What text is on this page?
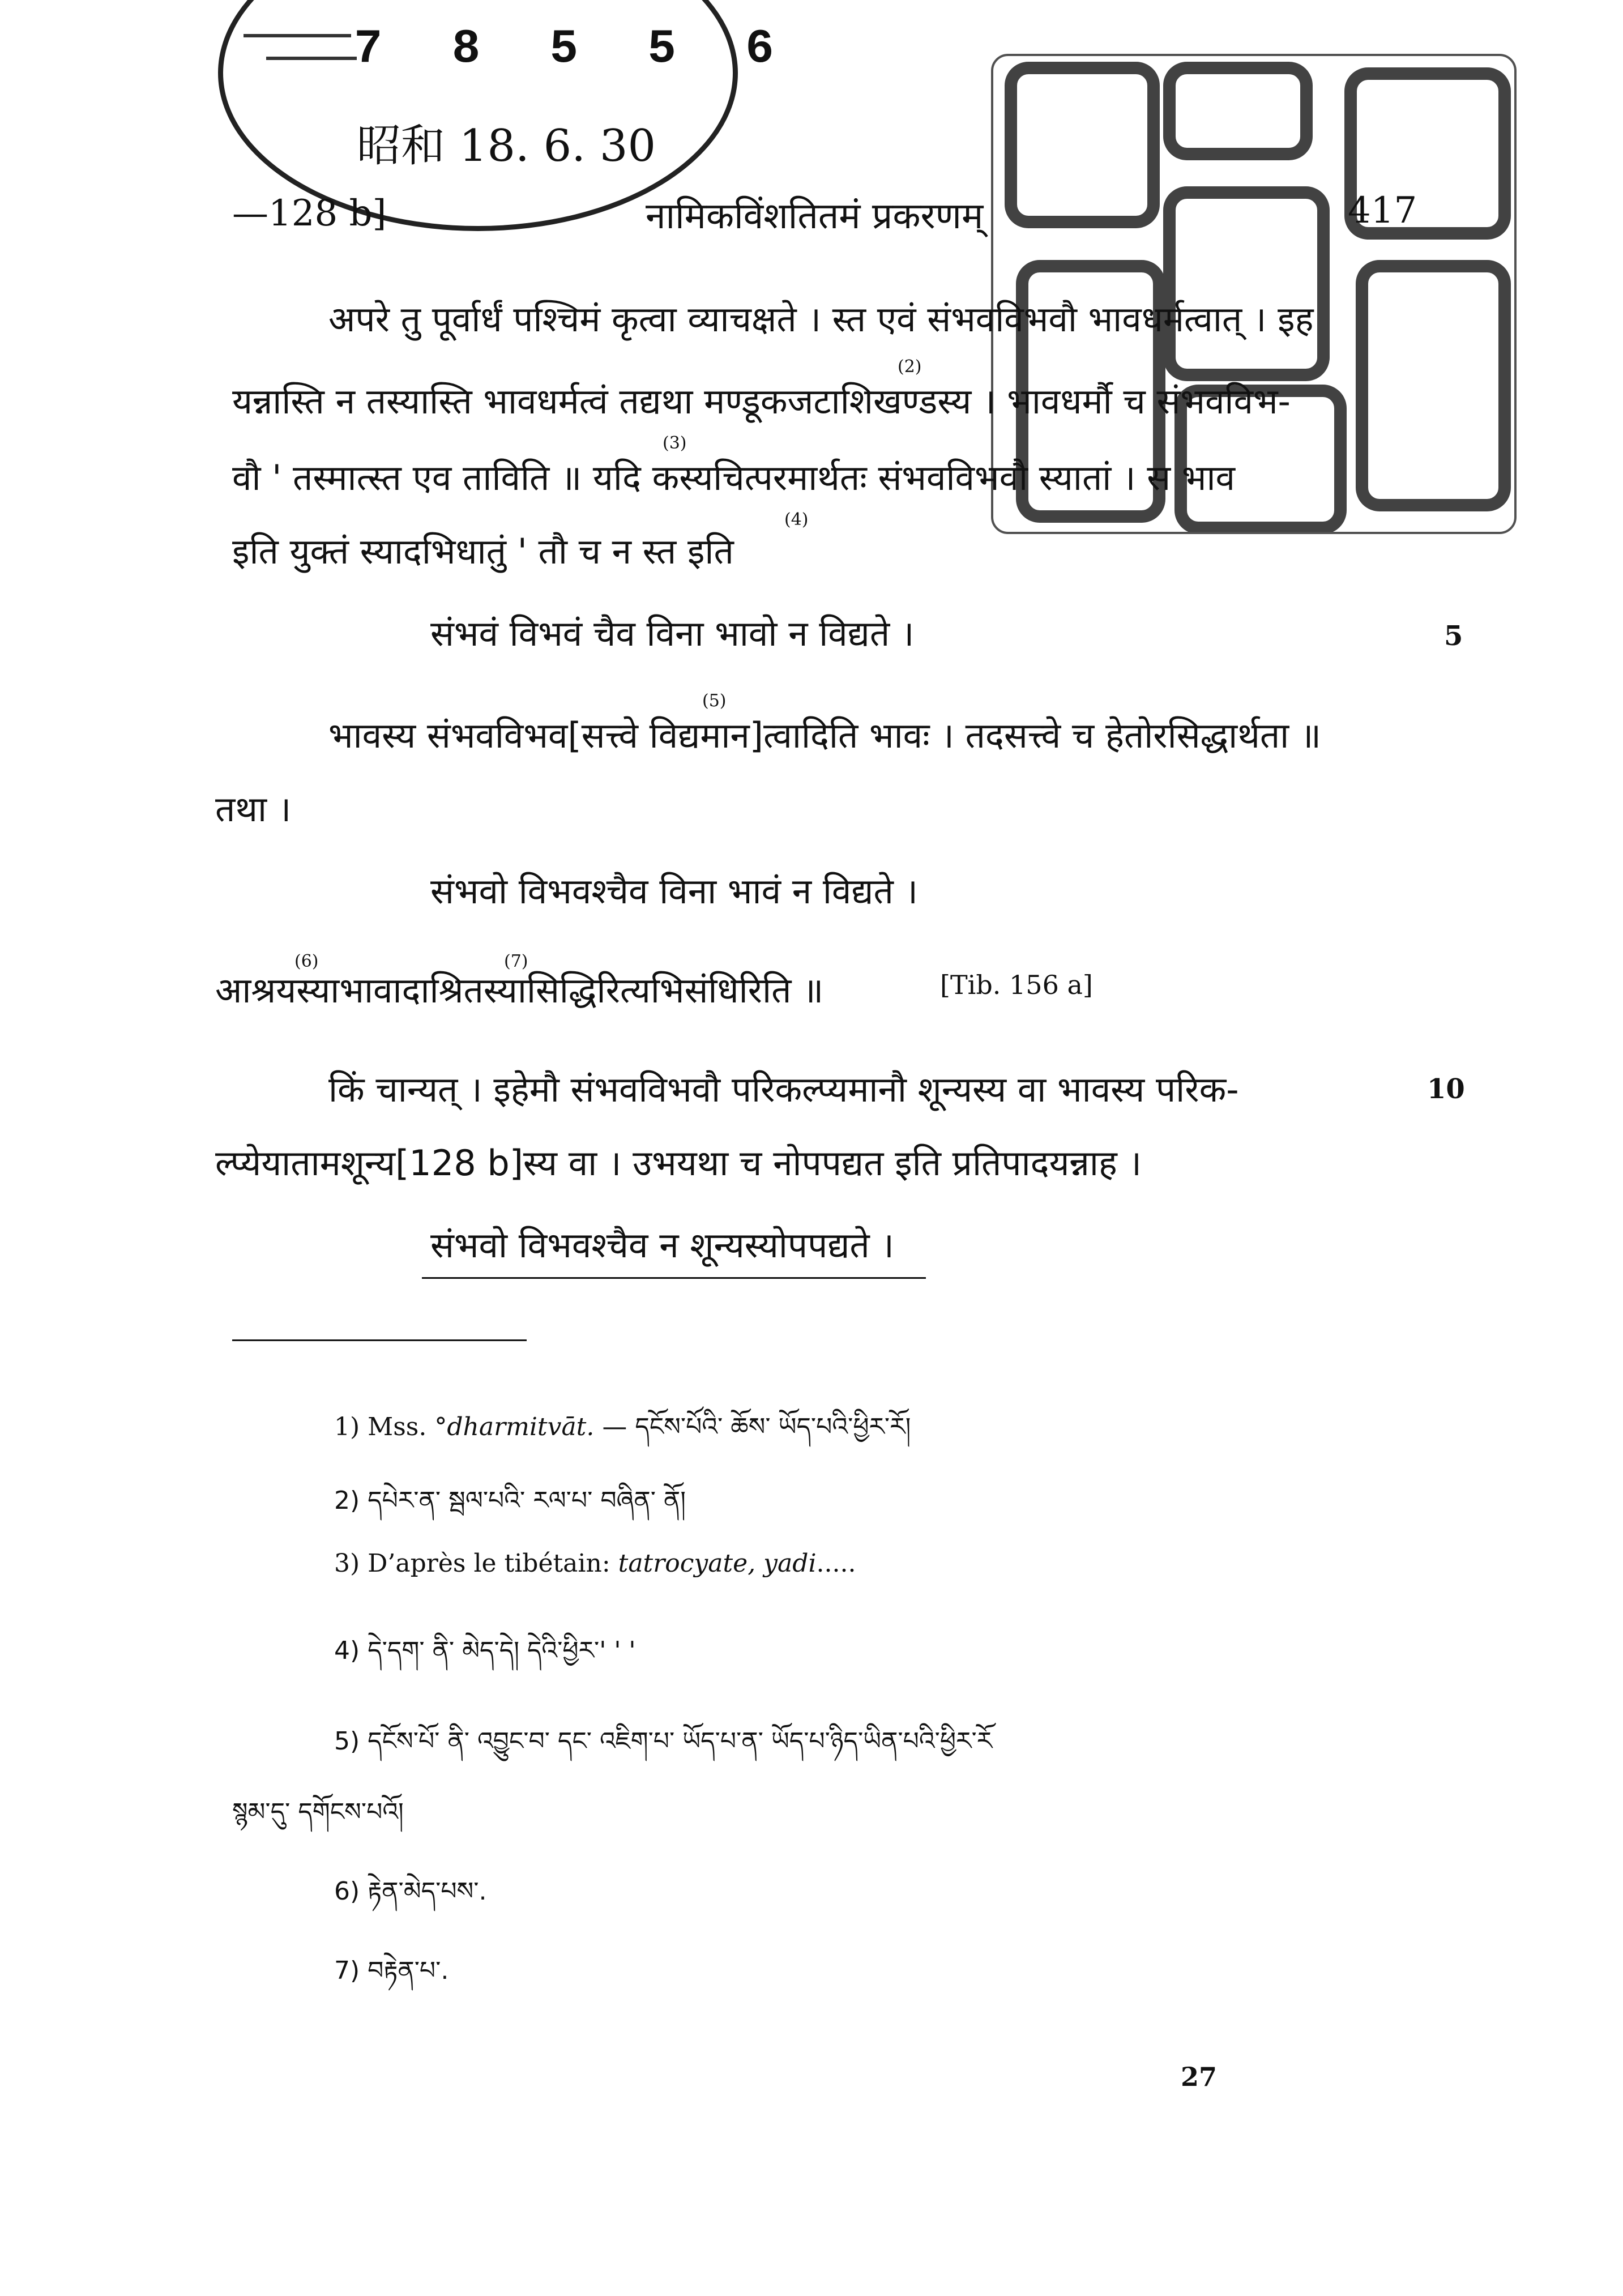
7 8 5 5 6
昭和 18. 6. 30
—128 b]	नामिकविंशतितमं प्रकरणम्	417
अपरे तु पूर्वार्धं पश्चिमं कृत्वा व्याचक्षते । स्त एवं संभवविभवौ भावधर्मत्वात् । इह
यन्नास्ति न तस्यास्ति भावधर्मत्वं तद्यथा मण्डूकजटाशिखण्डस्य । भावधर्मौ च संभवविभ-
वौ ' तस्मात्स्त एव ताविति ॥ यदि कस्यचित्परमार्थतः संभवविभवौ स्यातां । स भाव
इति युक्तं स्यादभिधातुं ' तौ च न स्त इति
(2)
(3)
(4)
संभवं विभवं चैव विना भावो न विद्यते ।	5
भावस्य संभवविभव[सत्त्वे विद्यमान]त्वादिति भावः । तदसत्त्वे च हेतोरसिद्धार्थता ॥
(5)
तथा ।
संभवो विभवश्चैव विना भावं न विद्यते ।
(6)	(7)
आश्रयस्याभावादाश्रितस्यासिद्धिरित्यभिसंधिरिति ॥	[Tib. 156 a]
किं चान्यत् । इहेमौ संभवविभवौ परिकल्प्यमानौ शून्यस्य वा भावस्य परिक-	10
ल्प्येयातामशून्य[128 b]स्य वा । उभयथा च नोपपद्यत इति प्रतिपादयन्नाह ।
संभवो विभवश्चैव न शून्यस्योपपद्यते ।
1) Mss. °dharmitvāt. — དངོས་པོའི་ ཆོས་ ཡོད་པའི་ཕྱིར་རོ།
2) དཔེར་ན་ སྦལ་པའི་ རལ་པ་ བཞིན་ ནོ།
3) D’après le tibétain: tatrocyate, yadi.....
4) དེ་དག་ ནི་ མེད་དེ། དེའི་ཕྱིར་' ' '
5) དངོས་པོ་ ནི་ འབྱུང་བ་ དང་ འཇིག་པ་ ཡོད་པ་ན་ ཡོད་པ་ཉིད་ཡིན་པའི་ཕྱིར་རོ
སྙམ་དུ་ དགོངས་པའོ།
6) རྟེན་མེད་པས་.
7) བརྟེན་པ་.
27
